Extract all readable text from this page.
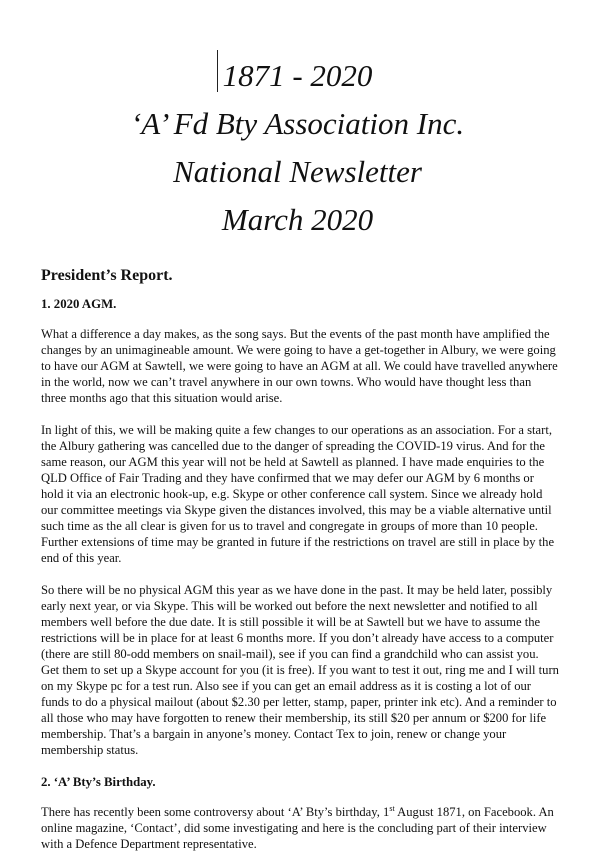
1871 - 2020
‘A’ Fd Bty Association Inc.
National Newsletter
March 2020
President’s Report.
1. 2020 AGM.

What a difference a day makes, as the song says. But the events of the past month have amplified the changes by an unimagineable amount. We were going to have a get-together in Albury, we were going to have our AGM at Sawtell, we were going to have an AGM at all. We could have travelled anywhere in the world, now we can’t travel anywhere in our own towns. Who would have thought less than three months ago that this situation would arise.

In light of this, we will be making quite a few changes to our operations as an association. For a start, the Albury gathering was cancelled due to the danger of spreading the COVID-19 virus. And for the same reason, our AGM this year will not be held at Sawtell as planned. I have made enquiries to the QLD Office of Fair Trading and they have confirmed that we may defer our AGM by 6 months or hold it via an electronic hook-up, e.g. Skype or other conference call system. Since we already hold our committee meetings via Skype given the distances involved, this may be a viable alternative until such time as the all clear is given for us to travel and congregate in groups of more than 10 people. Further extensions of time may be granted in future if the restrictions on travel are still in place by the end of this year.

So there will be no physical AGM this year as we have done in the past. It may be held later, possibly early next year, or via Skype. This will be worked out before the next newsletter and notified to all members well before the due date. It is still possible it will be at Sawtell but we have to assume the restrictions will be in place for at least 6 months more. If you don’t already have access to a computer (there are still 80-odd members on snail-mail), see if you can find a grandchild who can assist you. Get them to set up a Skype account for you (it is free). If you want to test it out, ring me and I will turn on my Skype pc for a test run. Also see if you can get an email address as it is costing a lot of our funds to do a physical mailout (about $2.30 per letter, stamp, paper, printer ink etc). And a reminder to all those who may have forgotten to renew their membership, its still $20 per annum or $200 for life membership. That’s a bargain in anyone’s money. Contact Tex to join, renew or change your membership status.

2. ‘A’ Bty’s Birthday.

There has recently been some controversy about ‘A’ Bty’s birthday, 1st August 1871, on Facebook. An online magazine, ‘Contact’, did some investigating and here is the concluding part of their interview with a Defence Department representative.
